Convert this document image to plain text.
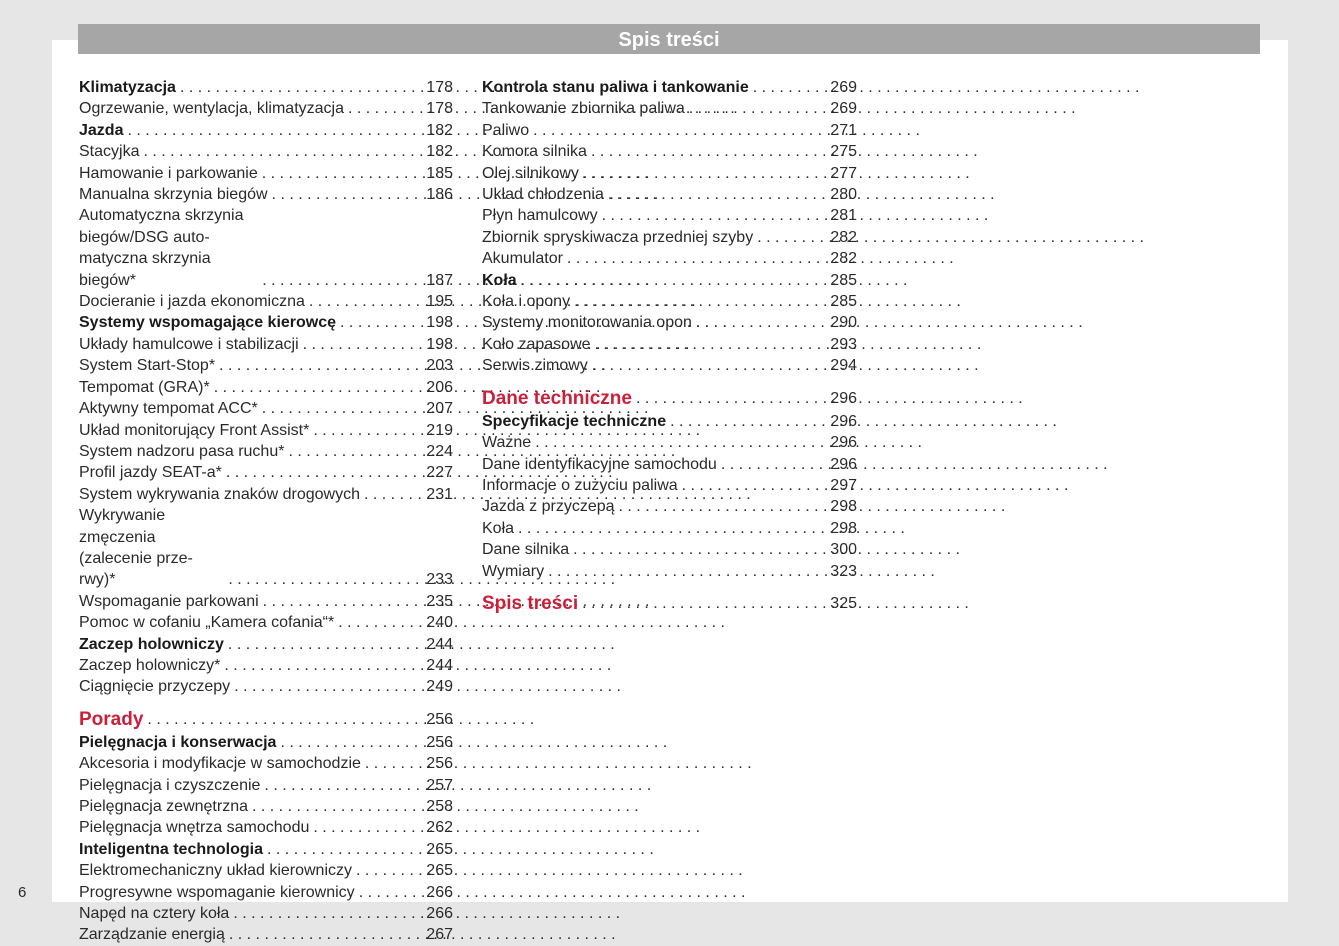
Spis treści
Klimatyzacja . . .	178
Ogrzewanie, wentylacja, klimatyzacja . . .	178
Jazda . . .	182
Stacyjka . . .	182
Hamowanie i parkowanie . . .	185
Manualna skrzynia biegów . . .	186
Automatyczna skrzynia biegów/DSG auto-matyczna skrzynia biegów* . . .	187
Docieranie i jazda ekonomiczna . . .	195
Systemy wspomagające kierowcę . . .	198
Układy hamulcowe i stabilizacji . . .	198
System Start-Stop* . . .	203
Tempomat (GRA)* . . .	206
Aktywny tempomat ACC* . . .	207
Układ monitorujący Front Assist* . . .	219
System nadzoru pasa ruchu* . . .	224
Profil jazdy SEAT-a* . . .	227
System wykrywania znaków drogowych . . .	231
Wykrywanie zmęczenia (zalecenie prze-rwy)* . . .	233
Wspomaganie parkowani . . .	235
Pomoc w cofaniu „Kamera cofania“* . . .	240
Zaczep holowniczy . . .	244
Zaczep holowniczy* . . .	244
Ciągnięcie przyczepy . . .	249
Porady . . .	256
Pielęgnacja i konserwacja . . .	256
Akcesoria i modyfikacje w samochodzie . . .	256
Pielęgnacja i czyszczenie . . .	257
Pielęgnacja zewnętrzna . . .	258
Pielęgnacja wnętrza samochodu . . .	262
Inteligentna technologia . . .	265
Elektromechaniczny układ kierowniczy . . .	265
Progresywne wspomaganie kierownicy . . .	266
Napęd na cztery koła . . .	266
Zarządzanie energią . . .	267
Kontrola stanu paliwa i tankowanie . . .	269
Tankowanie zbiornika paliwa . . .	269
Paliwo . . .	271
Komora silnika . . .	275
Olej silnikowy . . .	277
Układ chłodzenia . . .	280
Płyn hamulcowy . . .	281
Zbiornik spryskiwacza przedniej szyby . . .	282
Akumulator . . .	282
Koła . . .	285
Koła i opony . . .	285
Systemy monitorowania opon . . .	290
Koło zapasowe . . .	293
Serwis zimowy . . .	294
Dane techniczne . . .	296
Specyfikacje techniczne . . .	296
Ważne . . .	296
Dane identyfikacyjne samochodu . . .	296
Informacje o zużyciu paliwa . . .	297
Jazda z przyczepą . . .	298
Koła . . .	298
Dane silnika . . .	300
Wymiary . . .	323
Spis treści . . .	325
6
